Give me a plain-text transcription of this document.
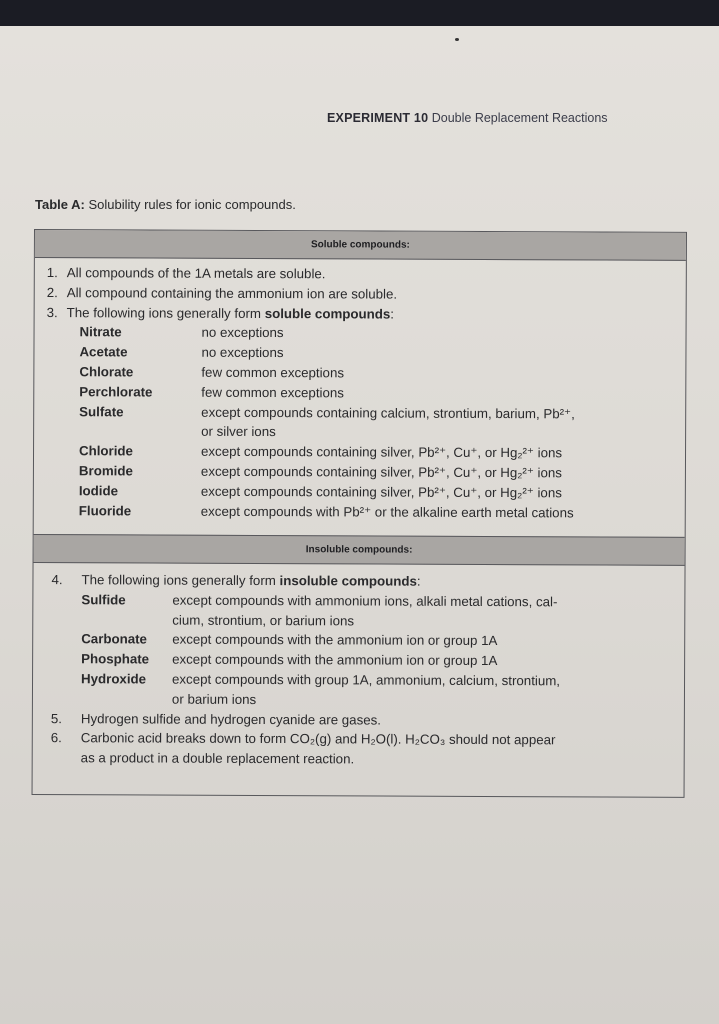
EXPERIMENT 10 Double Replacement Reactions
Table A: Solubility rules for ionic compounds.
Soluble compounds:
1. All compounds of the 1A metals are soluble.
2. All compound containing the ammonium ion are soluble.
3. The following ions generally form soluble compounds:
Nitrate	no exceptions
Acetate	no exceptions
Chlorate	few common exceptions
Perchlorate	few common exceptions
Sulfate	except compounds containing calcium, strontium, barium, Pb²⁺,
or silver ions
Chloride	except compounds containing silver, Pb²⁺, Cu⁺, or Hg₂²⁺ ions
Bromide	except compounds containing silver, Pb²⁺, Cu⁺, or Hg₂²⁺ ions
Iodide	except compounds containing silver, Pb²⁺, Cu⁺, or Hg₂²⁺ ions
Fluoride	except compounds with Pb²⁺ or the alkaline earth metal cations
Insoluble compounds:
4. The following ions generally form insoluble compounds:
Sulfide	except compounds with ammonium ions, alkali metal cations, cal-
cium, strontium, or barium ions
Carbonate except compounds with the ammonium ion or group 1A
Phosphate except compounds with the ammonium ion or group 1A
Hydroxide except compounds with group 1A, ammonium, calcium, strontium,
or barium ions
5. Hydrogen sulfide and hydrogen cyanide are gases.
6. Carbonic acid breaks down to form CO₂(g) and H₂O(l). H₂CO₃ should not appear
as a product in a double replacement reaction.
